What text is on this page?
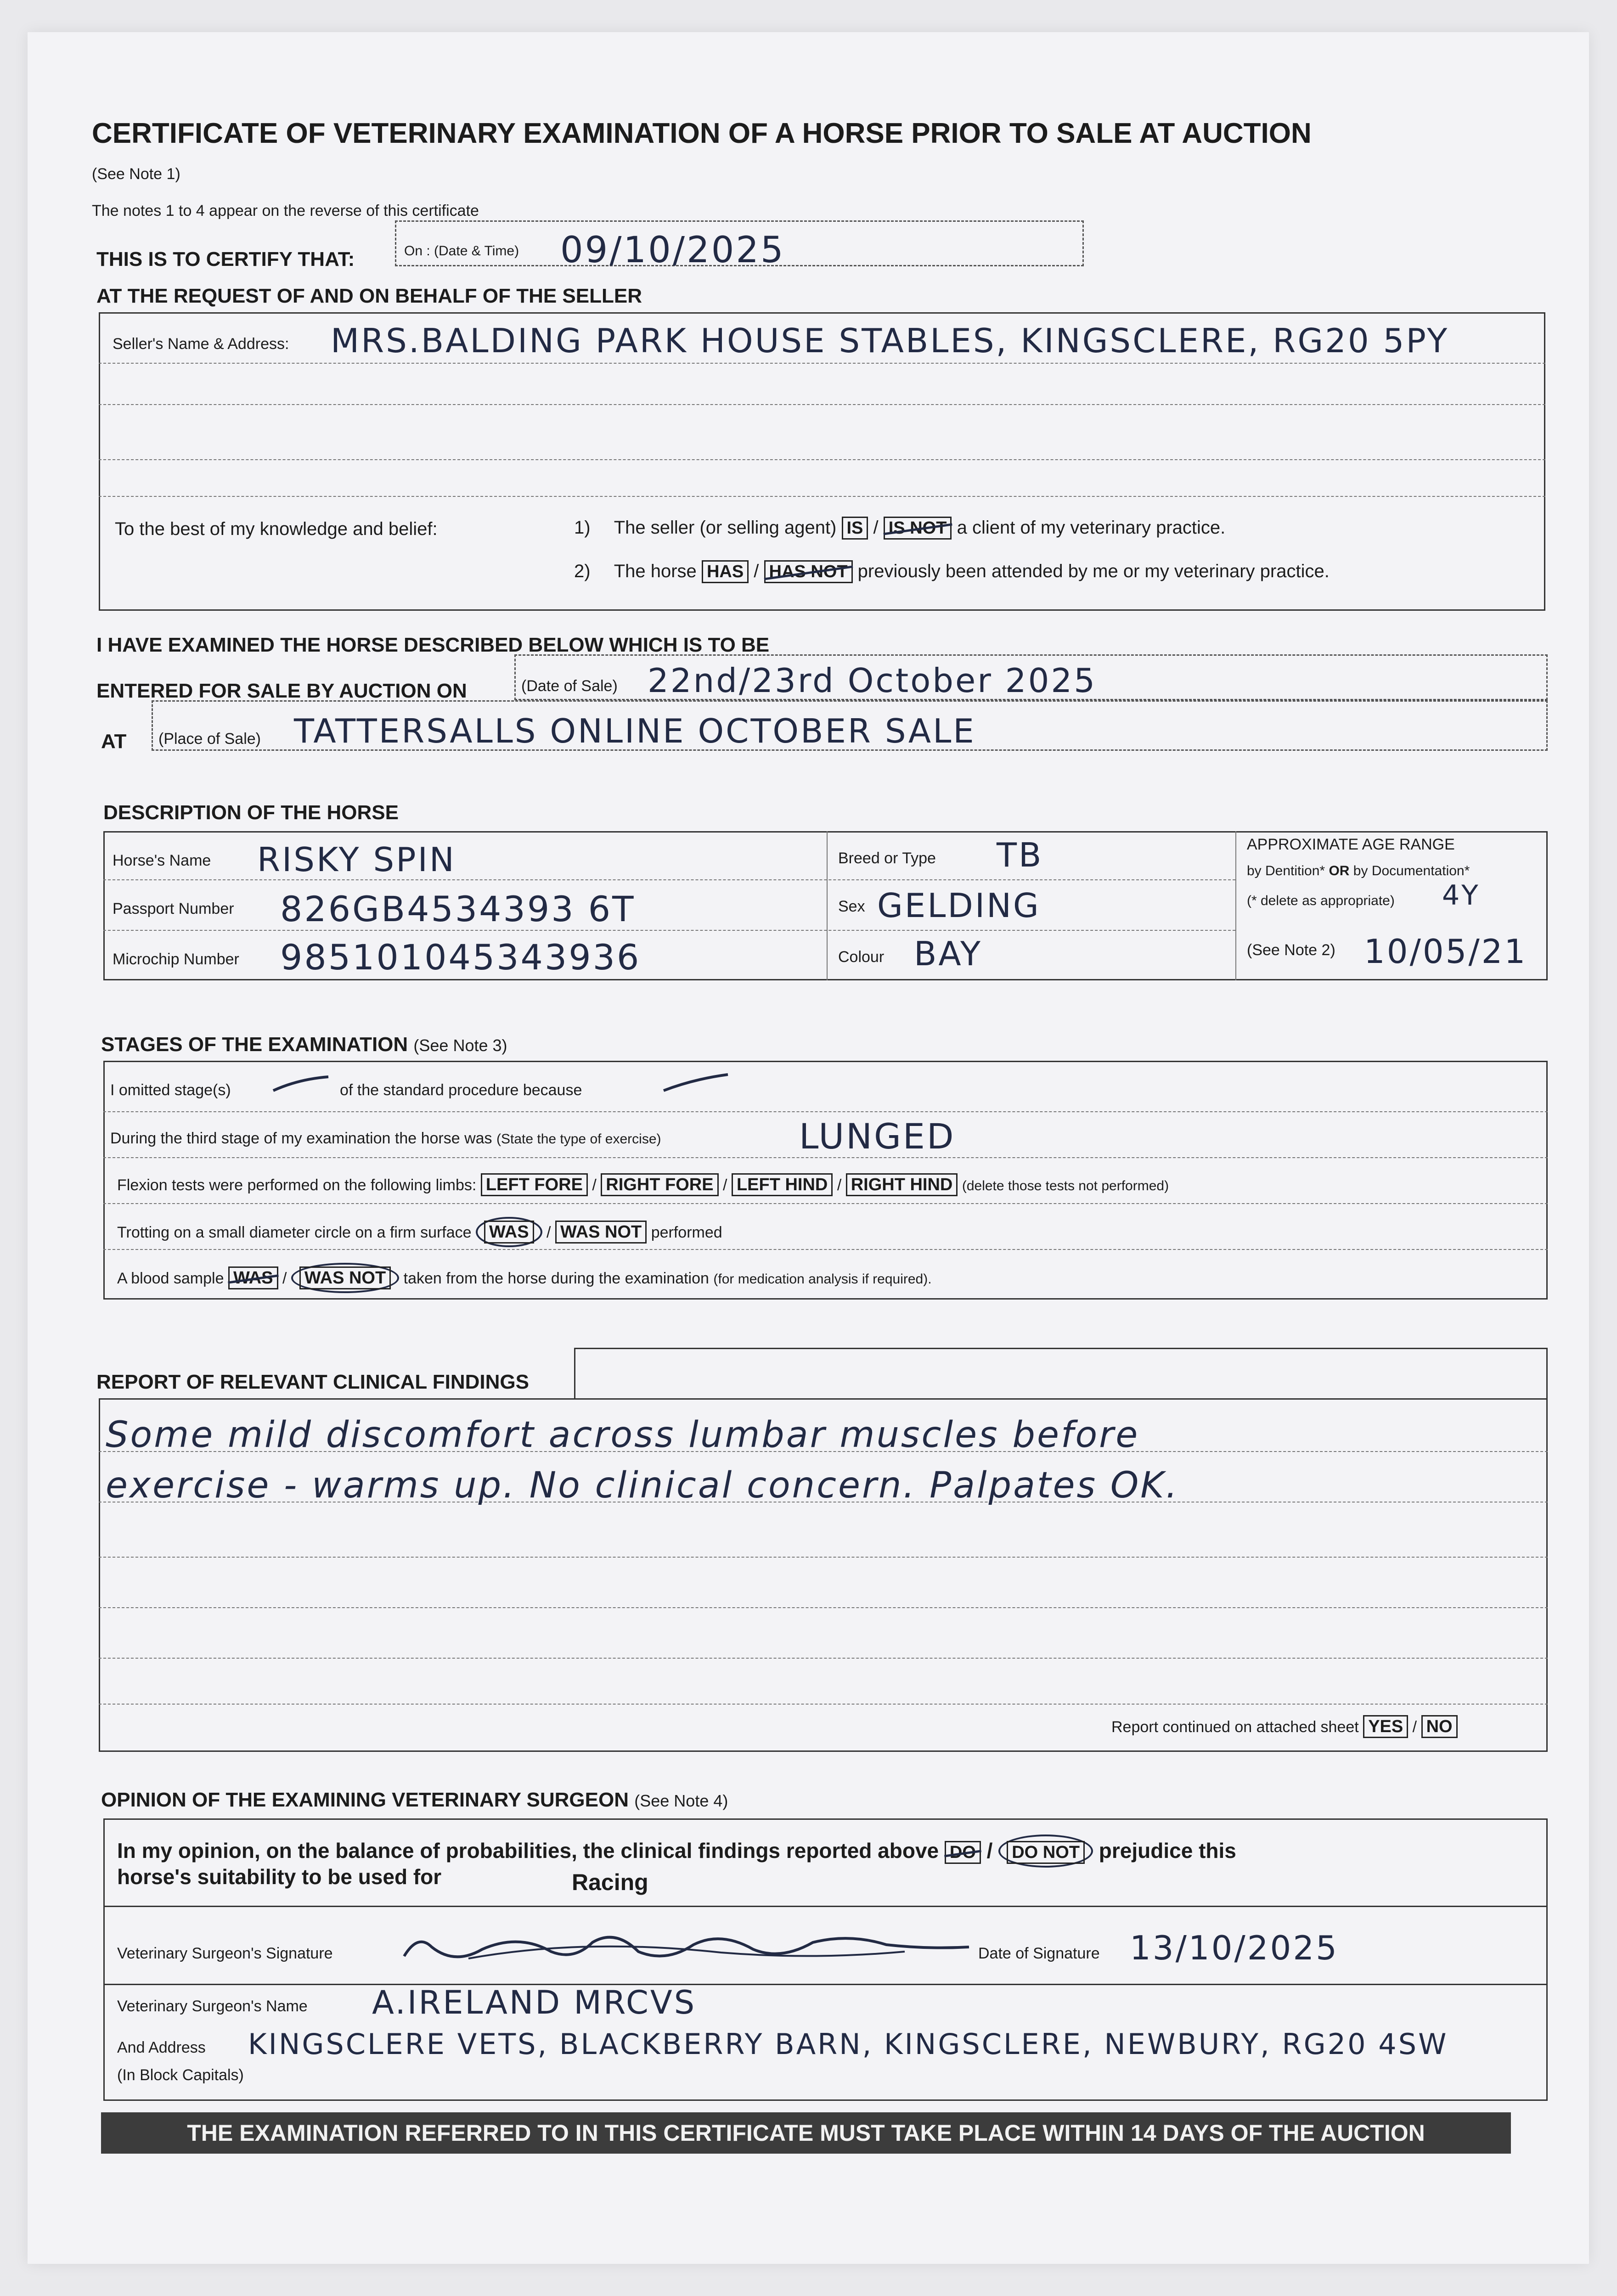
CERTIFICATE OF VETERINARY EXAMINATION OF A HORSE PRIOR TO SALE AT AUCTION
(See Note 1)
The notes 1 to 4 appear on the reverse of this certificate
THIS IS TO CERTIFY THAT:	On : (Date & Time) 09/10/2025
AT THE REQUEST OF AND ON BEHALF OF THE SELLER
Seller's Name & Address: MRS.BALDING PARK HOUSE STABLES, KINGSCLERE, RG20 5PY
To the best of my knowledge and belief:	1) The seller (or selling agent) IS / IS NOT a client of my veterinary practice.
2) The horse HAS / HAS NOT previously been attended by me or my veterinary practice.
I HAVE EXAMINED THE HORSE DESCRIBED BELOW WHICH IS TO BE
ENTERED FOR SALE BY AUCTION ON	(Date of Sale) 22nd/23rd October 2025
AT (Place of Sale) TATTERSALLS ONLINE OCTOBER SALE
DESCRIPTION OF THE HORSE
Horse's Name RISKY SPIN
Passport Number 826GB4534393 6T
Microchip Number 985101045343936
Breed or Type TB
Sex GELDING
Colour BAY
APPROXIMATE AGE RANGE
by Dentition* OR by Documentation*
(* delete as appropriate) 4Y
(See Note 2) 10/05/21
STAGES OF THE EXAMINATION (See Note 3)
I omitted stage(s)	of the standard procedure because
During the third stage of my examination the horse was (State the type of exercise)	LUNGED
Flexion tests were performed on the following limbs: LEFT FORE / RIGHT FORE / LEFT HIND / RIGHT HIND (delete those tests not performed)
Trotting on a small diameter circle on a firm surface WAS / WAS NOT performed
A blood sample WAS / WAS NOT taken from the horse during the examination (for medication analysis if required).
REPORT OF RELEVANT CLINICAL FINDINGS
Some mild discomfort across lumbar muscles before
exercise - warms up. No clinical concern. Palpates OK.
Report continued on attached sheet YES / NO
OPINION OF THE EXAMINING VETERINARY SURGEON (See Note 4)
In my opinion, on the balance of probabilities, the clinical findings reported above DO / DO NOT prejudice this
horse's suitability to be used for	Racing
Veterinary Surgeon's Signature	Date of Signature 13/10/2025
Veterinary Surgeon's Name A.IRELAND MRCVS
And Address KINGSCLERE VETS, BLACKBERRY BARN, KINGSCLERE, NEWBURY, RG20 4SW
(In Block Capitals)
THE EXAMINATION REFERRED TO IN THIS CERTIFICATE MUST TAKE PLACE WITHIN 14 DAYS OF THE AUCTION
